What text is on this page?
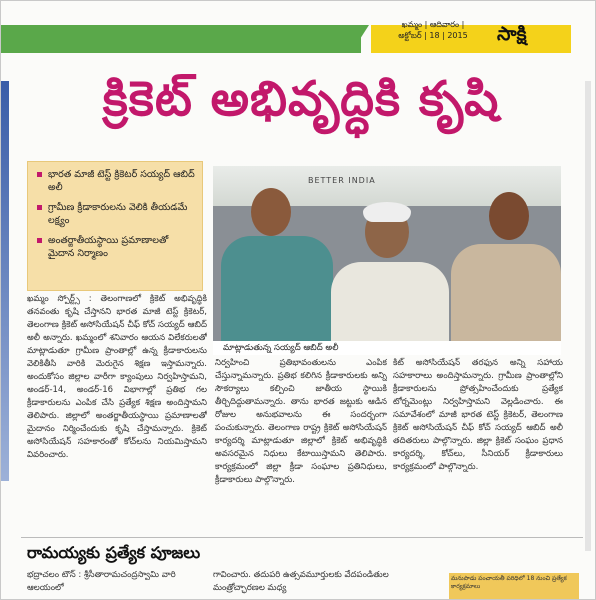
ఖమ్మం | ఆదివారం |
అక్టోబర్ | 18 | 2015	సాక్షి
క్రికెట్ అభివృద్ధికి కృషి
భారత మాజీ టెస్ట్ క్రికెటర్ సయ్యద్ ఆబిద్ అలీ
గ్రామీణ క్రీడాకారులను వెలికి తీయడమే లక్ష్యం
అంతర్జాతీయస్థాయి ప్రమాణాలతో మైదాన నిర్మాణం
BETTER INDIA
మాట్లాడుతున్న సయ్యద్ ఆబిద్ అలీ

ఖమ్మం స్పోర్ట్స్ : తెలంగాణలో క్రికెట్ అభివృద్ధికి తనవంతు కృషి చేస్తానని భారత మాజీ టెస్ట్ క్రికెటర్, తెలంగాణ క్రికెట్ అసోసియేషన్ చీఫ్ కోచ్ సయ్యద్ ఆబిద్ అలీ అన్నారు. ఖమ్మంలో శనివారం ఆయన విలేకరులతో మాట్లాడుతూ గ్రామీణ ప్రాంతాల్లో ఉన్న క్రీడాకారులను వెలికితీసి వారికి మెరుగైన శిక్షణ ఇస్తామన్నారు. అందుకోసం జిల్లాల వారీగా క్యాంపులు నిర్వహిస్తామని, అండర్-14, అండర్-16 విభాగాల్లో ప్రతిభ గల క్రీడాకారులను ఎంపిక చేసి ప్రత్యేక శిక్షణ అందిస్తామని తెలిపారు. జిల్లాలో అంతర్జాతీయస్థాయి ప్రమాణాలతో మైదానం నిర్మించేందుకు కృషి చేస్తామన్నారు. క్రికెట్ అసోసియేషన్ సహకారంతో కోచ్‌లను నియమిస్తామని వివరించారు.

నిర్వహించి ప్రతిభావంతులను ఎంపిక చేస్తున్నామన్నారు. ప్రతిభ కలిగిన క్రీడాకారులకు అన్ని సౌకర్యాలు కల్పించి జాతీయ స్థాయికి తీర్చిదిద్దుతామన్నారు. తాను భారత జట్టుకు ఆడిన రోజుల అనుభవాలను ఈ సందర్భంగా పంచుకున్నారు. తెలంగాణ రాష్ట్ర క్రికెట్ అసోసియేషన్ కార్యదర్శి మాట్లాడుతూ జిల్లాలో క్రికెట్ అభివృద్ధికి అవసరమైన నిధులు కేటాయిస్తామని తెలిపారు. కార్యక్రమంలో జిల్లా క్రీడా సంఘాల ప్రతినిధులు, క్రీడాకారులు పాల్గొన్నారు.

కిట్ అసోసియేషన్ తరఫున అన్ని సహాయ సహకారాలు అందిస్తామన్నారు. గ్రామీణ ప్రాంతాల్లోని క్రీడాకారులను ప్రోత్సహించేందుకు ప్రత్యేక టోర్నమెంట్లు నిర్వహిస్తామని వెల్లడించారు. ఈ సమావేశంలో మాజీ భారత టెస్ట్ క్రికెటర్, తెలంగాణ క్రికెట్ అసోసియేషన్ చీఫ్ కోచ్ సయ్యద్ ఆబిద్ అలీ తదితరులు పాల్గొన్నారు. జిల్లా క్రికెట్ సంఘం ప్రధాన కార్యదర్శి, కోచ్‌లు, సీనియర్ క్రీడాకారులు కార్యక్రమంలో పాల్గొన్నారు.

రామయ్యకు ప్రత్యేక పూజలు
భద్రాచలం టౌన్ : శ్రీసీతారామచంద్రస్వామి వారి ఆలయంలో
గావించారు. తదుపరి ఉత్సవమూర్తులకు వేదపండితుల మంత్రోచ్ఛారణల మధ్య
మనుపాడు పంచాయతీ పరిధిలో 18 నుంచి ప్రత్యేక కార్యక్రమాలు
